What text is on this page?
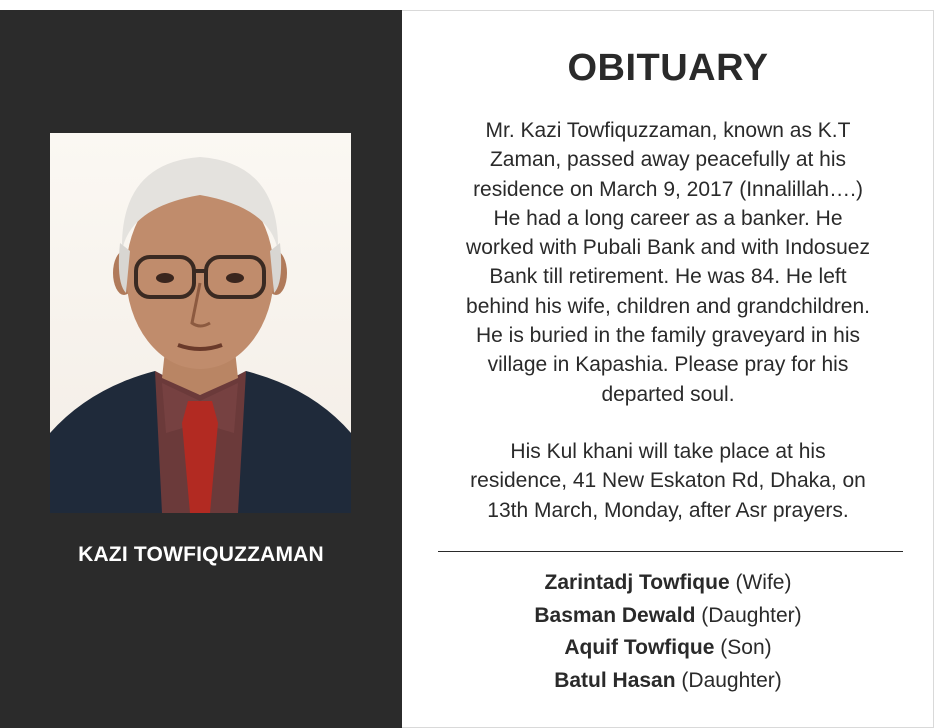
KAZI TOWFIQUZZAMAN
OBITUARY
Mr. Kazi Towfiquzzaman, known as K.T
Zaman, passed away peacefully at his
residence on March 9, 2017 (Innalillah….)
He had a long career as a banker. He
worked with Pubali Bank and with Indosuez
Bank till retirement. He was 84. He left
behind his wife, children and grandchildren.
He is buried in the family graveyard in his
village in Kapashia. Please pray for his
departed soul.
His Kul khani will take place at his
residence, 41 New Eskaton Rd, Dhaka, on
13th March, Monday, after Asr prayers.
Zarintadj Towfique (Wife)
Basman Dewald (Daughter)
Aquif Towfique (Son)
Batul Hasan (Daughter)
